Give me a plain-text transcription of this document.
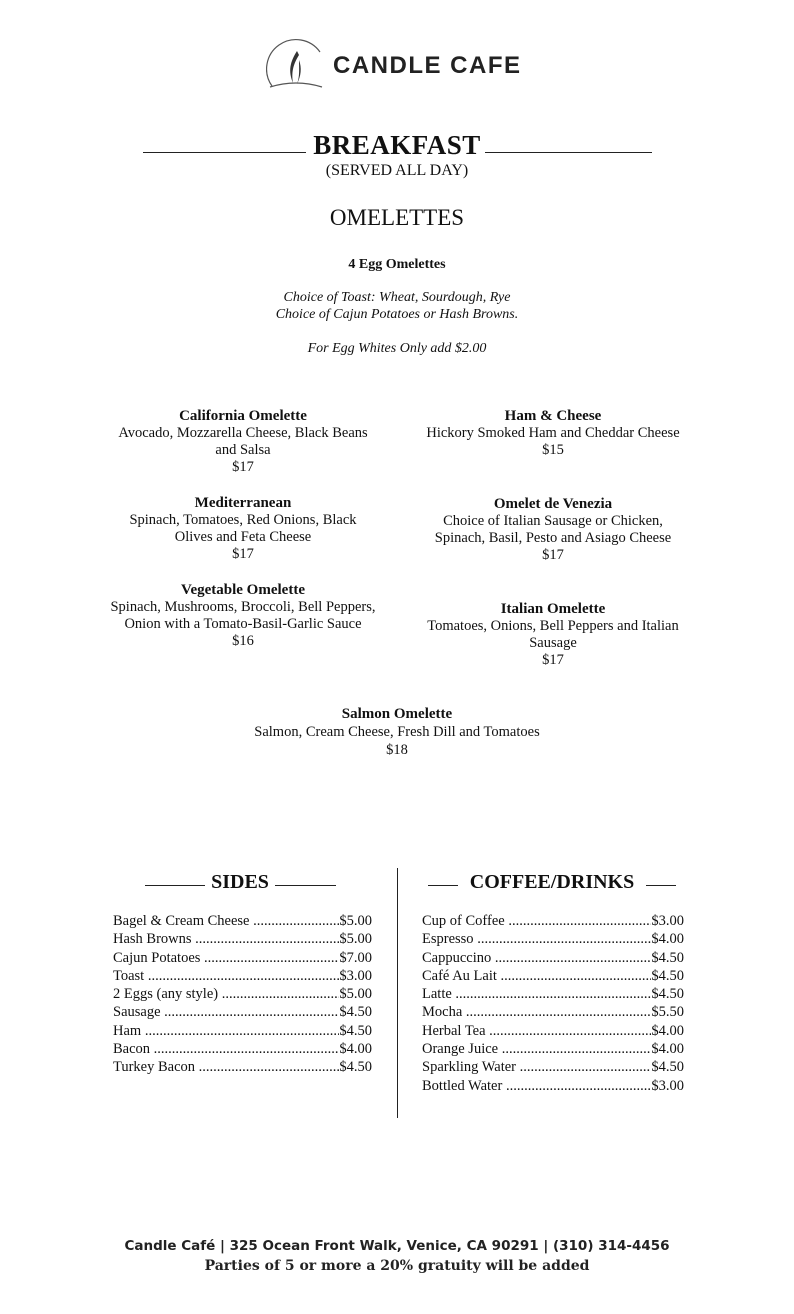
CANDLE CAFE
BREAKFAST
(SERVED ALL DAY)
OMELETTES
4 Egg Omelettes
Choice of Toast: Wheat, Sourdough, Rye
Choice of Cajun Potatoes or Hash Browns.
For Egg Whites Only add $2.00
California Omelette
Avocado, Mozzarella Cheese, Black Beans and Salsa
$17
Ham & Cheese
Hickory Smoked Ham and Cheddar Cheese
$15
Mediterranean
Spinach, Tomatoes, Red Onions, Black Olives and Feta Cheese
$17
Omelet de Venezia
Choice of Italian Sausage or Chicken, Spinach, Basil, Pesto and Asiago Cheese
$17
Vegetable Omelette
Spinach, Mushrooms, Broccoli, Bell Peppers, Onion with a Tomato-Basil-Garlic Sauce
$16
Italian Omelette
Tomatoes, Onions, Bell Peppers and Italian Sausage
$17
Salmon Omelette
Salmon, Cream Cheese, Fresh Dill and Tomatoes
$18
SIDES
Bagel & Cream Cheese .....	$5.00
Hash Browns .....	$5.00
Cajun Potatoes .....	$7.00
Toast .....	$3.00
2 Eggs (any style) .....	$5.00
Sausage .....	$4.50
Ham .....	$4.50
Bacon .....	$4.00
Turkey Bacon .....	$4.50
COFFEE/DRINKS
Cup of Coffee .....	$3.00
Espresso .....	$4.00
Cappuccino .....	$4.50
Café Au Lait .....	$4.50
Latte .....	$4.50
Mocha .....	$5.50
Herbal Tea .....	$4.00
Orange Juice .....	$4.00
Sparkling Water .....	$4.50
Bottled Water .....	$3.00
Candle Café | 325 Ocean Front Walk, Venice, CA 90291 | (310) 314-4456
Parties of 5 or more a 20% gratuity will be added
